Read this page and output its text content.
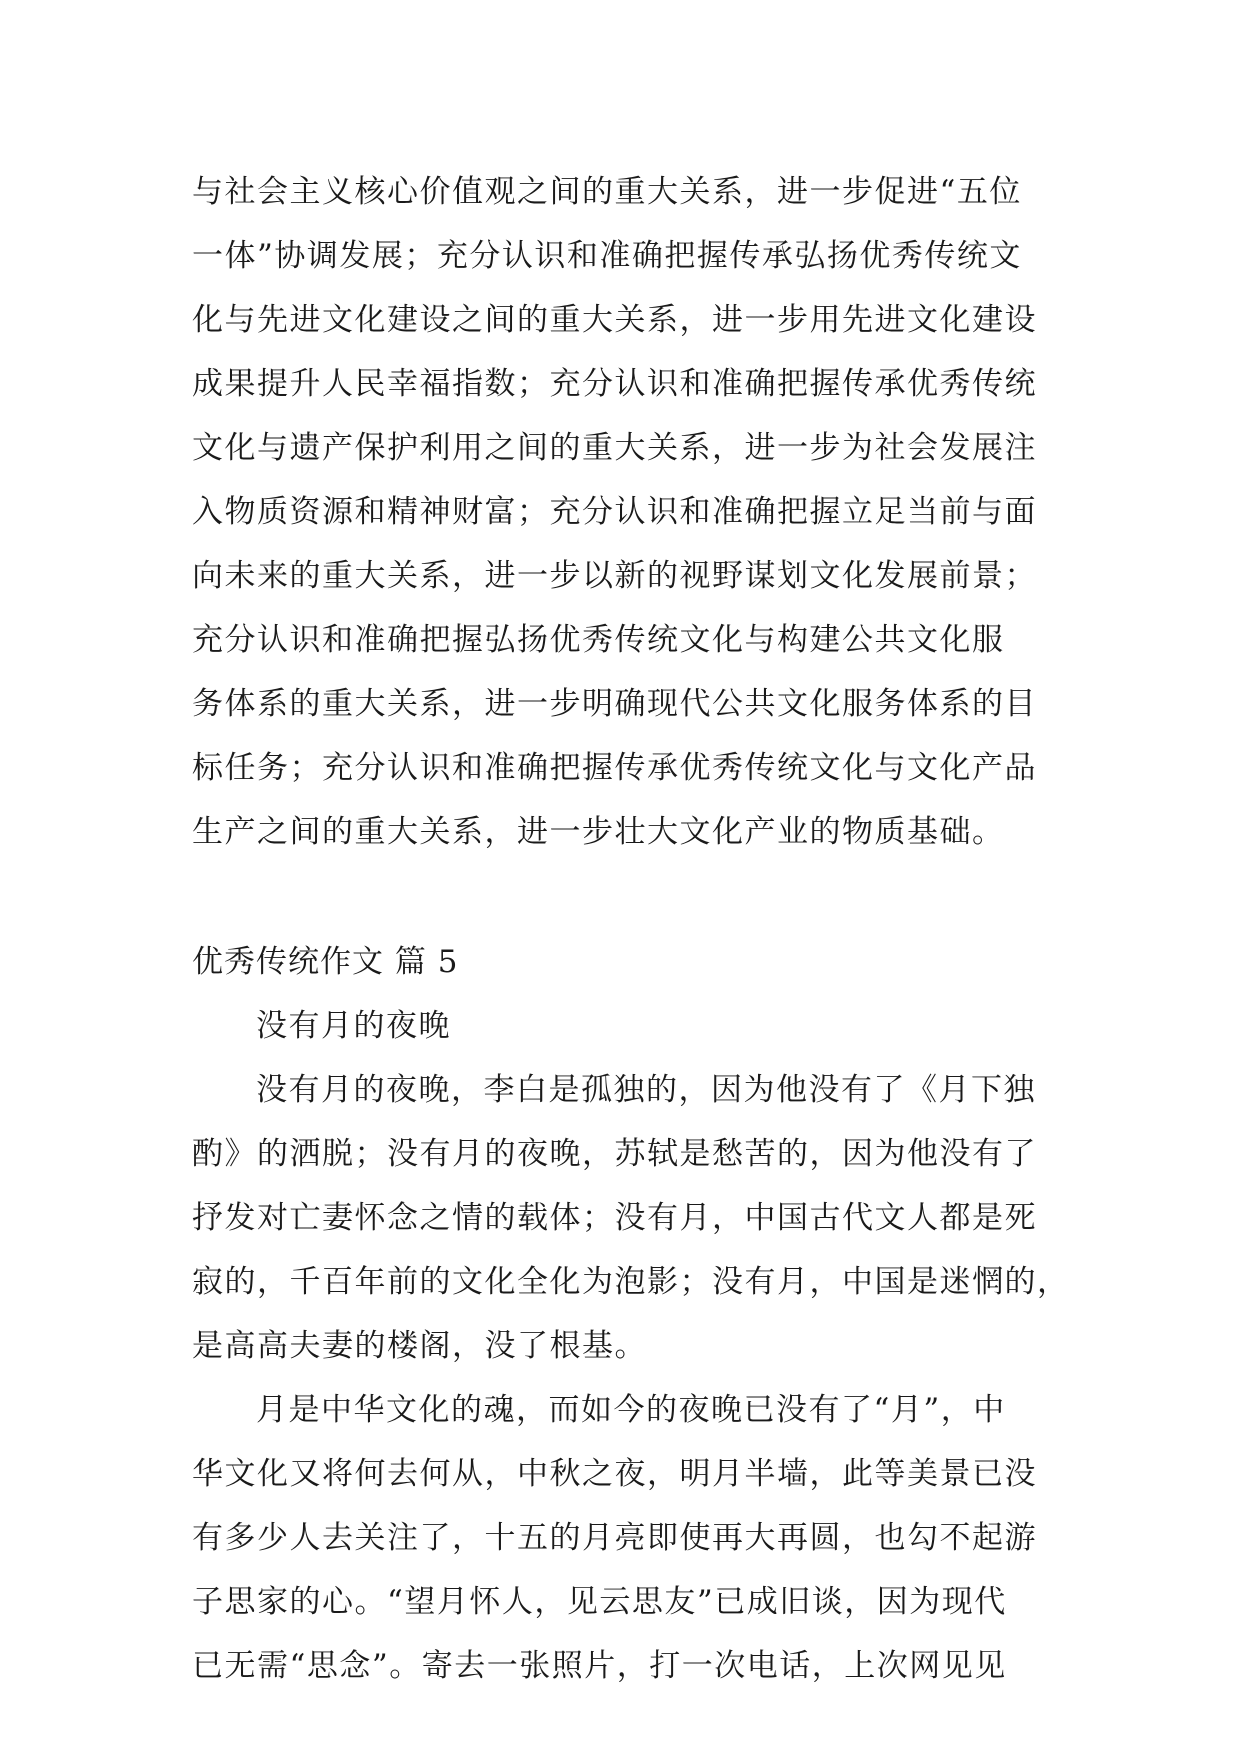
与社会主义核心价值观之间的重大关系，进一步促进“五位
一体”协调发展；充分认识和准确把握传承弘扬优秀传统文
化与先进文化建设之间的重大关系，进一步用先进文化建设
成果提升人民幸福指数；充分认识和准确把握传承优秀传统
文化与遗产保护利用之间的重大关系，进一步为社会发展注
入物质资源和精神财富；充分认识和准确把握立足当前与面
向未来的重大关系，进一步以新的视野谋划文化发展前景；
充分认识和准确把握弘扬优秀传统文化与构建公共文化服
务体系的重大关系，进一步明确现代公共文化服务体系的目
标任务；充分认识和准确把握传承优秀传统文化与文化产品
生产之间的重大关系，进一步壮大文化产业的物质基础。
优秀传统作文 篇 5
没有月的夜晚
没有月的夜晚，李白是孤独的，因为他没有了《月下独
酌》的洒脱；没有月的夜晚，苏轼是愁苦的，因为他没有了
抒发对亡妻怀念之情的载体；没有月，中国古代文人都是死
寂的，千百年前的文化全化为泡影；没有月，中国是迷惘的，
是高高夫妻的楼阁，没了根基。
月是中华文化的魂，而如今的夜晚已没有了“月”，中
华文化又将何去何从，中秋之夜，明月半墙，此等美景已没
有多少人去关注了，十五的月亮即使再大再圆，也勾不起游
子思家的心。“望月怀人，见云思友”已成旧谈，因为现代
已无需“思念”。寄去一张照片，打一次电话，上次网见见
